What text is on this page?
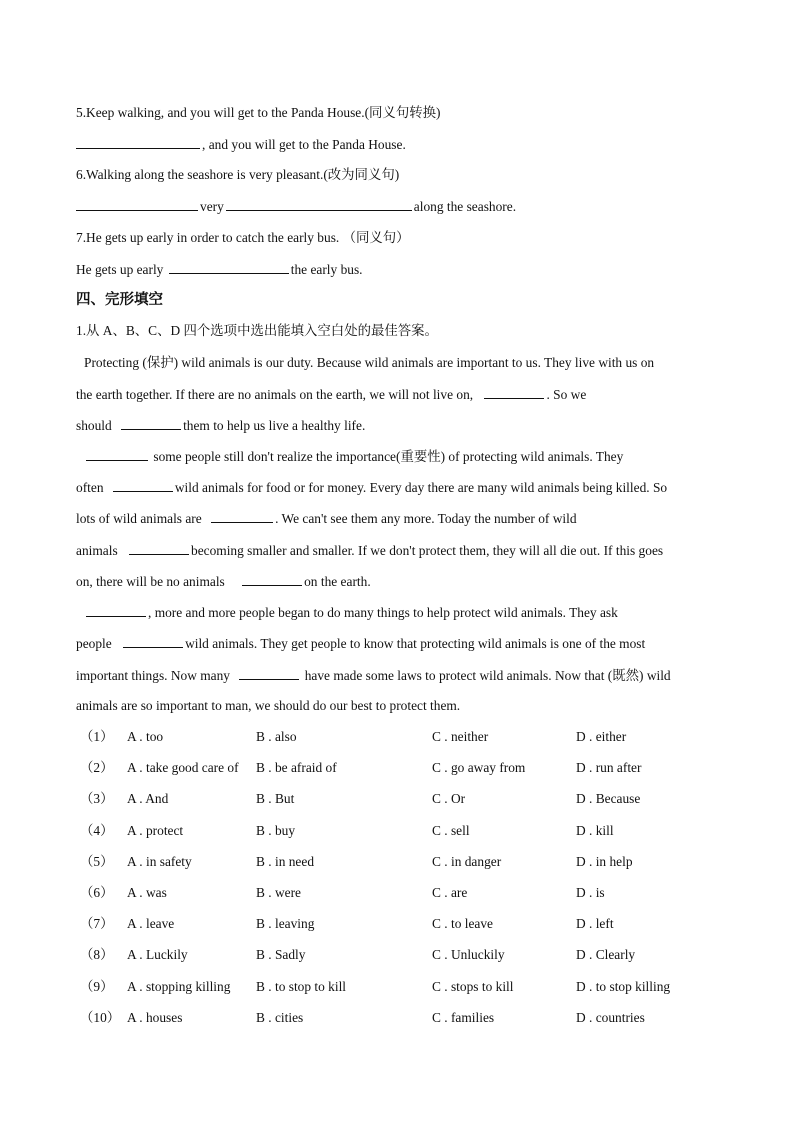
5.Keep walking, and you will get to the Panda House.(同义句转换)
, and you will get to the Panda House.
6.Walking along the seashore is very pleasant.(改为同义句)
very	along the seashore.
7.He gets up early in order to catch the early bus. （同义句）
He gets up early	the early bus.
四、完形填空
1.从 A、B、C、D 四个选项中选出能填入空白处的最佳答案。
Protecting (保护) wild animals is our duty. Because wild animals are important to us. They live with us on
the earth together. If there are no animals on the earth, we will not live on,	. So we
should	them to help us live a healthy life.
some people still don't realize the importance(重要性) of protecting wild animals. They
often	wild animals for food or for money. Every day there are many wild animals being killed. So
lots of wild animals are	. We can't see them any more. Today the number of wild
animals	becoming smaller and smaller. If we don't protect them, they will all die out. If this goes
on, there will be no animals	on the earth.
, more and more people began to do many things to help protect wild animals. They ask
people	wild animals. They get people to know that protecting wild animals is one of the most
important things. Now many	have made some laws to protect wild animals. Now that (既然) wild
animals are so important to man, we should do our best to protect them.
（1） A . too	B . also	C . neither	D . either
（2） A . take good care of B . be afraid of	C . go away from	D . run after
（3） A . And	B . But	C . Or	D . Because
（4） A . protect	B . buy	C . sell	D . kill
（5） A . in safety	B . in need	C . in danger	D . in help
（6） A . was	B . were	C . are	D . is
（7） A . leave	B . leaving	C . to leave	D . left
（8） A . Luckily	B . Sadly	C . Unluckily	D . Clearly
（9） A . stopping killing B . to stop to kill	C . stops to kill	D . to stop killing
（10） A . houses	B . cities	C . families	D . countries
